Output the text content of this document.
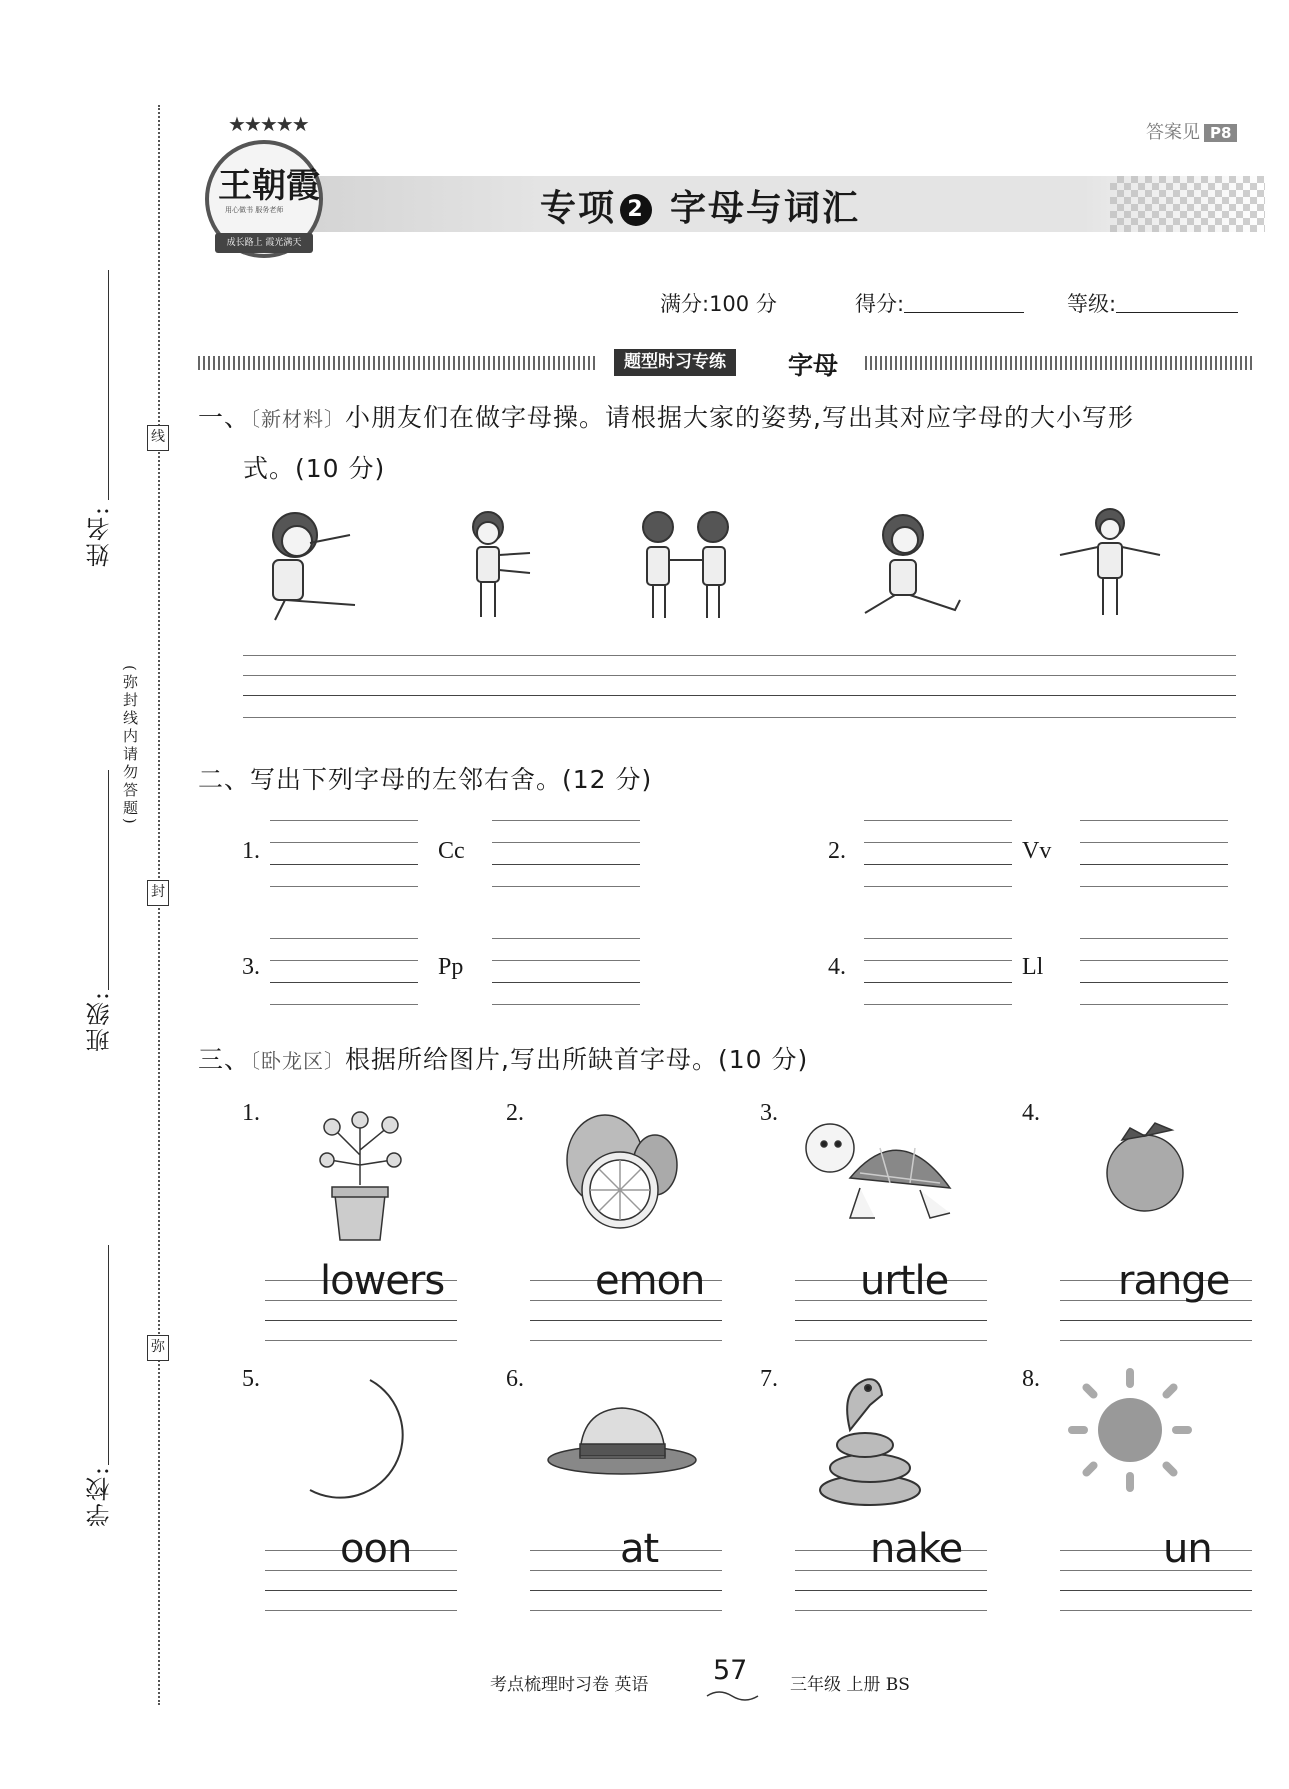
线
封
弥
(弥封线内请勿答题)
姓名:
班级:
学校:
答案见 P8
★★★★★
王朝霞
用心做书 服务老师
成长路上 霞光满天
专项 2 字母与词汇
满分:100 分	得分:	等级:
题型时习专练	字母
一、〔新材料〕小朋友们在做字母操。请根据大家的姿势,写出其对应字母的大小写形
式。(10 分)
二、写出下列字母的左邻右舍。(12 分)
1.	Cc	2.	Vv
3.	Pp	4.	Ll
三、〔卧龙区〕根据所给图片,写出所缺首字母。(10 分)
1.	2.	3.	4.
5.	6.	7.	8.
lowers	emon	urtle	range
oon	at	nake	un
考点梳理时习卷 英语 57	三年级 上册 BS
